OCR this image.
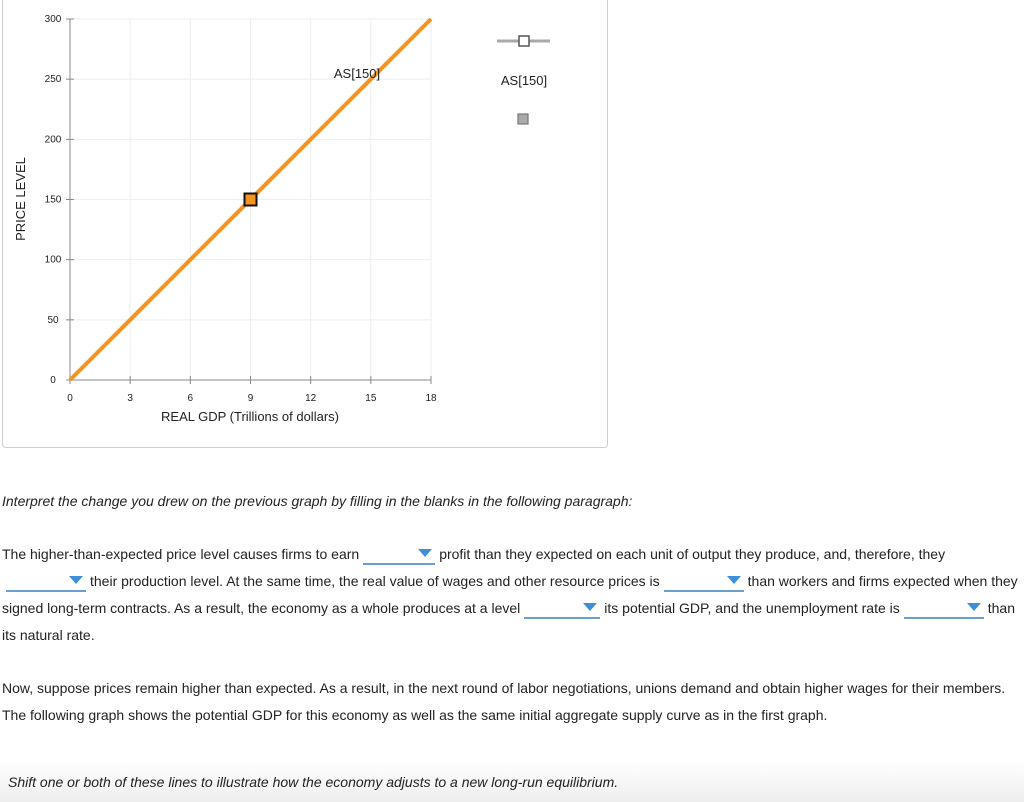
0
50
100
150
200
250
300
0	3	6	9	12	15	18
PRICE LEVEL
REAL GDP (Trillions of dollars)
AS[150]	AS[150]

Interpret the change you drew on the previous graph by filling in the blanks in the following paragraph:

The higher-than-expected price level causes firms to earn	profit than they expected on each unit of output they produce, and, therefore, they
their production level. At the same time, the real value of wages and other resource prices is	than workers and firms expected when they signed long-term contracts. As a result, the economy as a whole produces at a level	its potential GDP, and the unemployment rate is	than its natural rate.

Now, suppose prices remain higher than expected. As a result, in the next round of labor negotiations, unions demand and obtain higher wages for their members. The following graph shows the potential GDP for this economy as well as the same initial aggregate supply curve as in the first graph.

Shift one or both of these lines to illustrate how the economy adjusts to a new long-run equilibrium.
